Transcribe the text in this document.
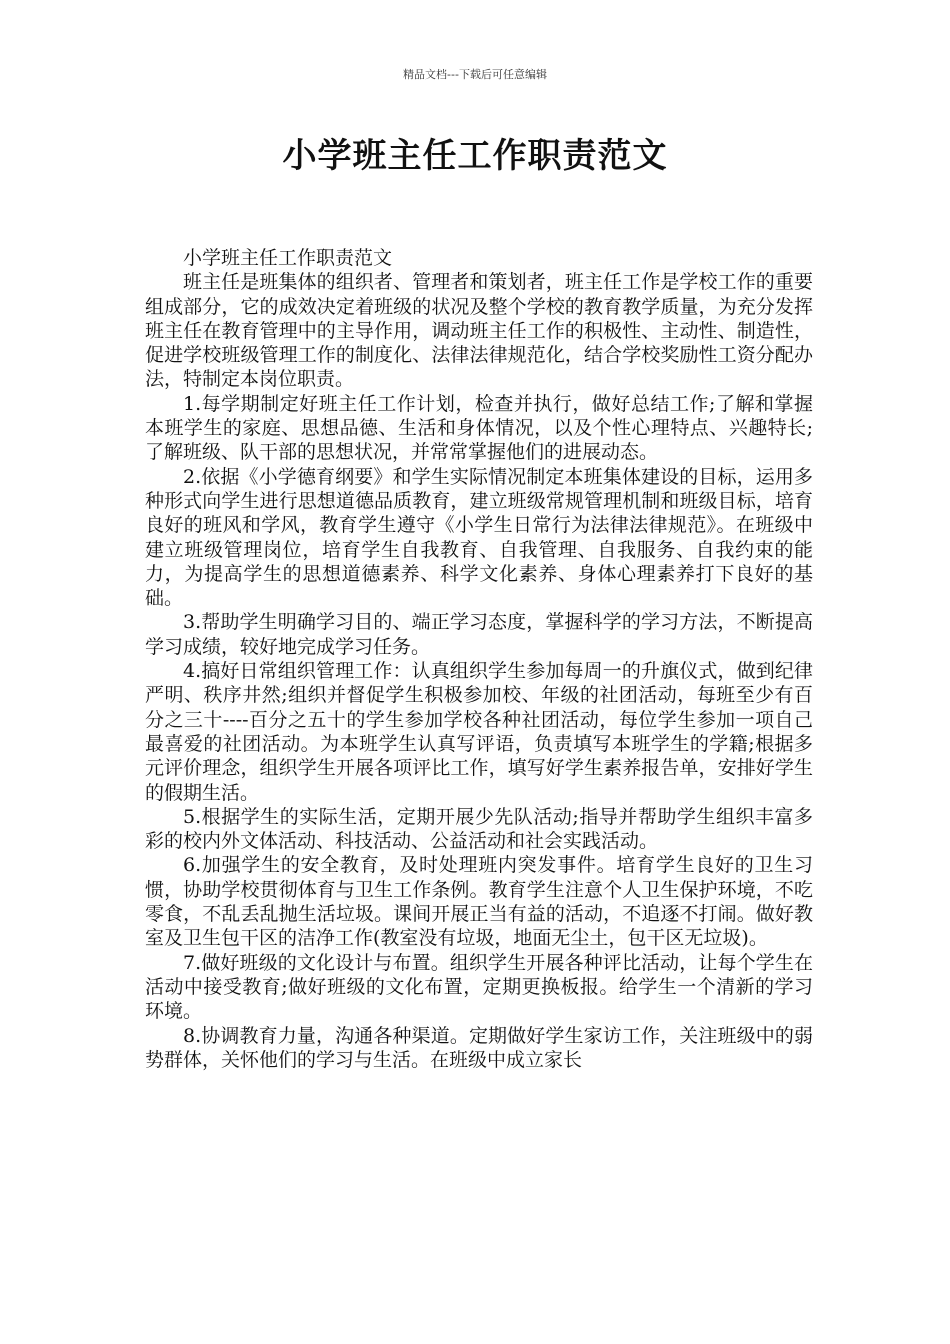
精品文档---下载后可任意编辑
小学班主任工作职责范文

小学班主任工作职责范文

班主任是班集体的组织者、管理者和策划者，班主任工作是学校工作的重要组成部分，它的成效决定着班级的状况及整个学校的教育教学质量，为充分发挥班主任在教育管理中的主导作用，调动班主任工作的积极性、主动性、制造性，促进学校班级管理工作的制度化、法律法律规范化，结合学校奖励性工资分配办法，特制定本岗位职责。

1.每学期制定好班主任工作计划，检查并执行，做好总结工作;了解和掌握本班学生的家庭、思想品德、生活和身体情况，以及个性心理特点、兴趣特长;了解班级、队干部的思想状况，并常常掌握他们的进展动态。

2.依据《小学德育纲要》和学生实际情况制定本班集体建设的目标，运用多种形式向学生进行思想道德品质教育，建立班级常规管理机制和班级目标，培育良好的班风和学风，教育学生遵守《小学生日常行为法律法律规范》。在班级中建立班级管理岗位，培育学生自我教育、自我管理、自我服务、自我约束的能力，为提高学生的思想道德素养、科学文化素养、身体心理素养打下良好的基础。

3.帮助学生明确学习目的、端正学习态度，掌握科学的学习方法，不断提高学习成绩，较好地完成学习任务。

4.搞好日常组织管理工作：认真组织学生参加每周一的升旗仪式，做到纪律严明、秩序井然;组织并督促学生积极参加校、年级的社团活动，每班至少有百分之三十----百分之五十的学生参加学校各种社团活动，每位学生参加一项自己最喜爱的社团活动。为本班学生认真写评语，负责填写本班学生的学籍;根据多元评价理念，组织学生开展各项评比工作，填写好学生素养报告单，安排好学生的假期生活。

5.根据学生的实际生活，定期开展少先队活动;指导并帮助学生组织丰富多彩的校内外文体活动、科技活动、公益活动和社会实践活动。

6.加强学生的安全教育，及时处理班内突发事件。培育学生良好的卫生习惯，协助学校贯彻体育与卫生工作条例。教育学生注意个人卫生保护环境，不吃零食，不乱丢乱抛生活垃圾。课间开展正当有益的活动，不追逐不打闹。做好教室及卫生包干区的洁净工作(教室没有垃圾，地面无尘土，包干区无垃圾)。

7.做好班级的文化设计与布置。组织学生开展各种评比活动，让每个学生在活动中接受教育;做好班级的文化布置，定期更换板报。给学生一个清新的学习环境。

8.协调教育力量，沟通各种渠道。定期做好学生家访工作，关注班级中的弱势群体，关怀他们的学习与生活。在班级中成立家长
